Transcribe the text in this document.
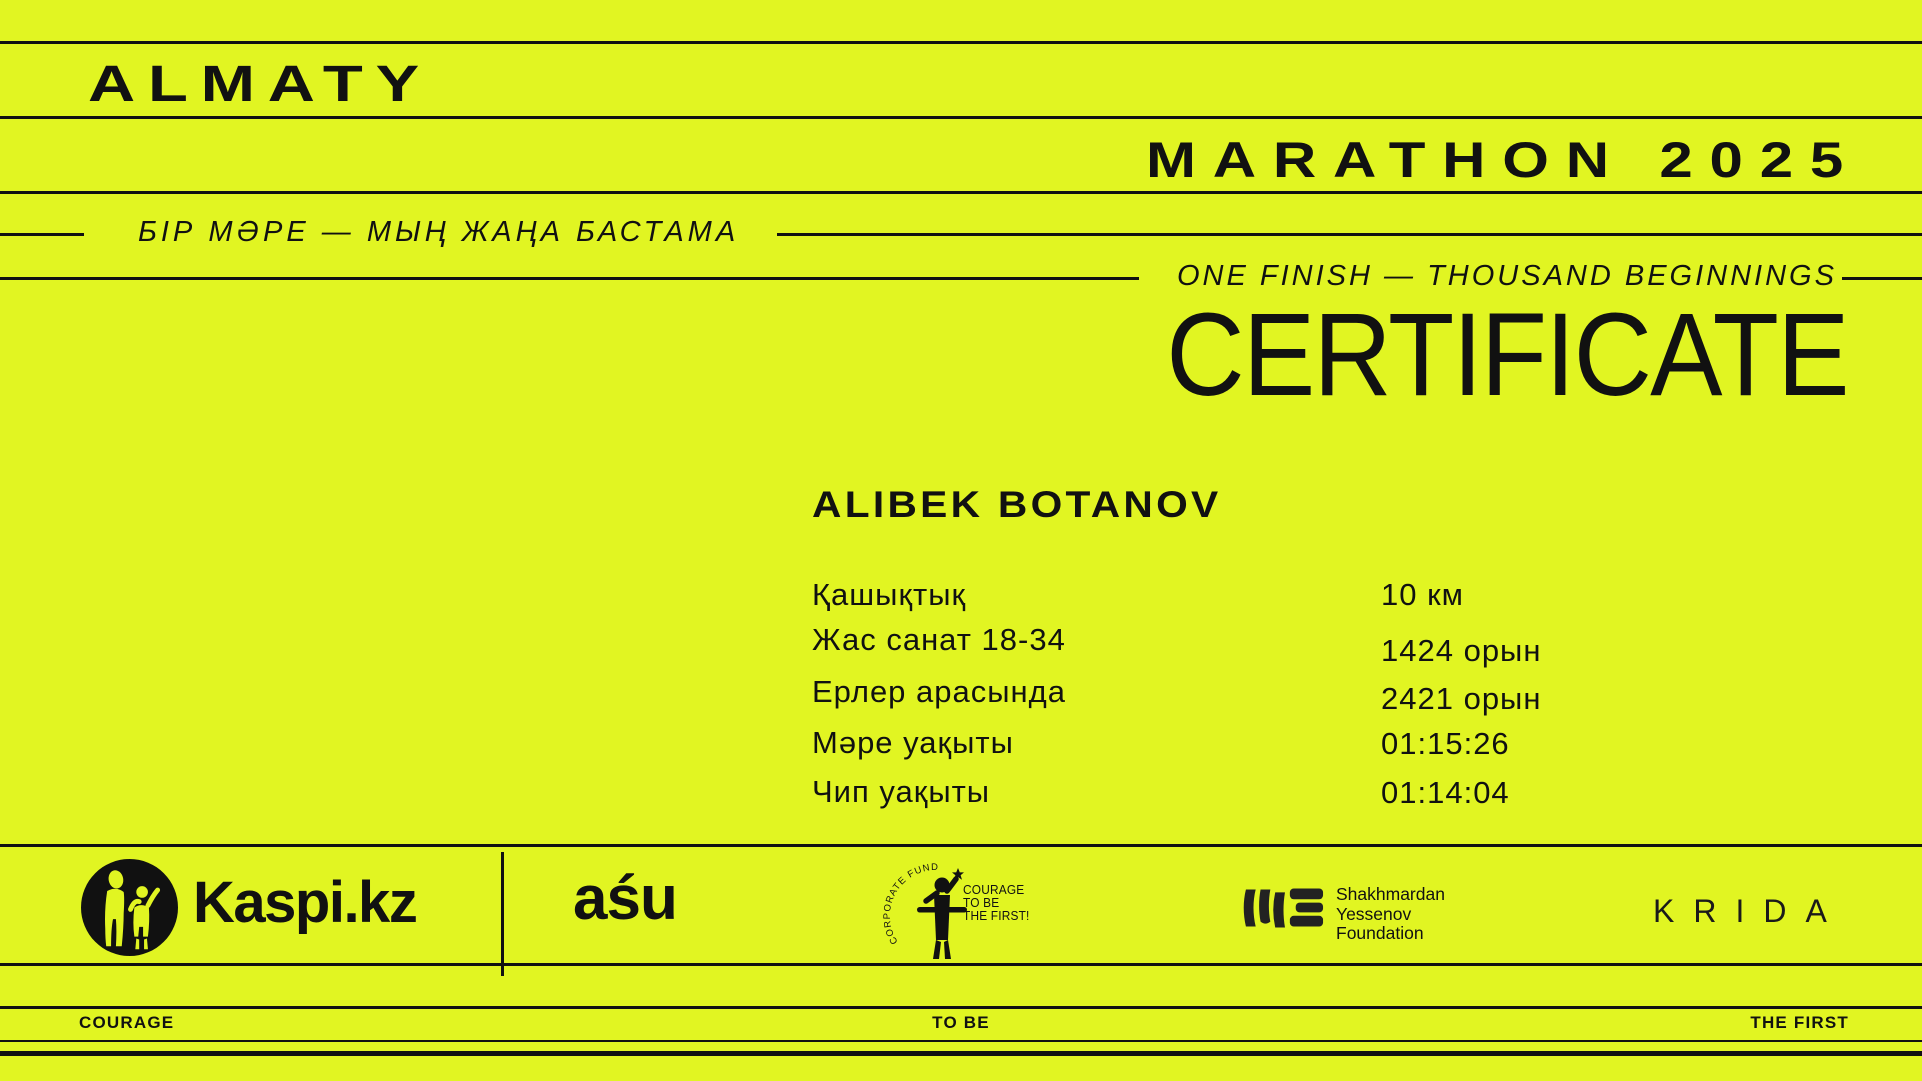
ALMATY
MARATHON 2025
БІР МӘРЕ — МЫҢ ЖАҢА БАСТАМА
ONE FINISH — THOUSAND BEGINNINGS
CERTIFICATE
ALIBEK BOTANOV
Қашықтық	10 км
Жас санат 18-34	1424 орын
Ерлер арасында	2421 орын
Мәре уақыты	01:15:26
Чип уақыты	01:14:04
Kaspi.kz	aśu
CORPORATE FUND
COURAGE
TO BE
THE FIRST!
Shakhmardan
Yessenov
Foundation
KRIDA
COURAGE	TO BE	THE FIRST
